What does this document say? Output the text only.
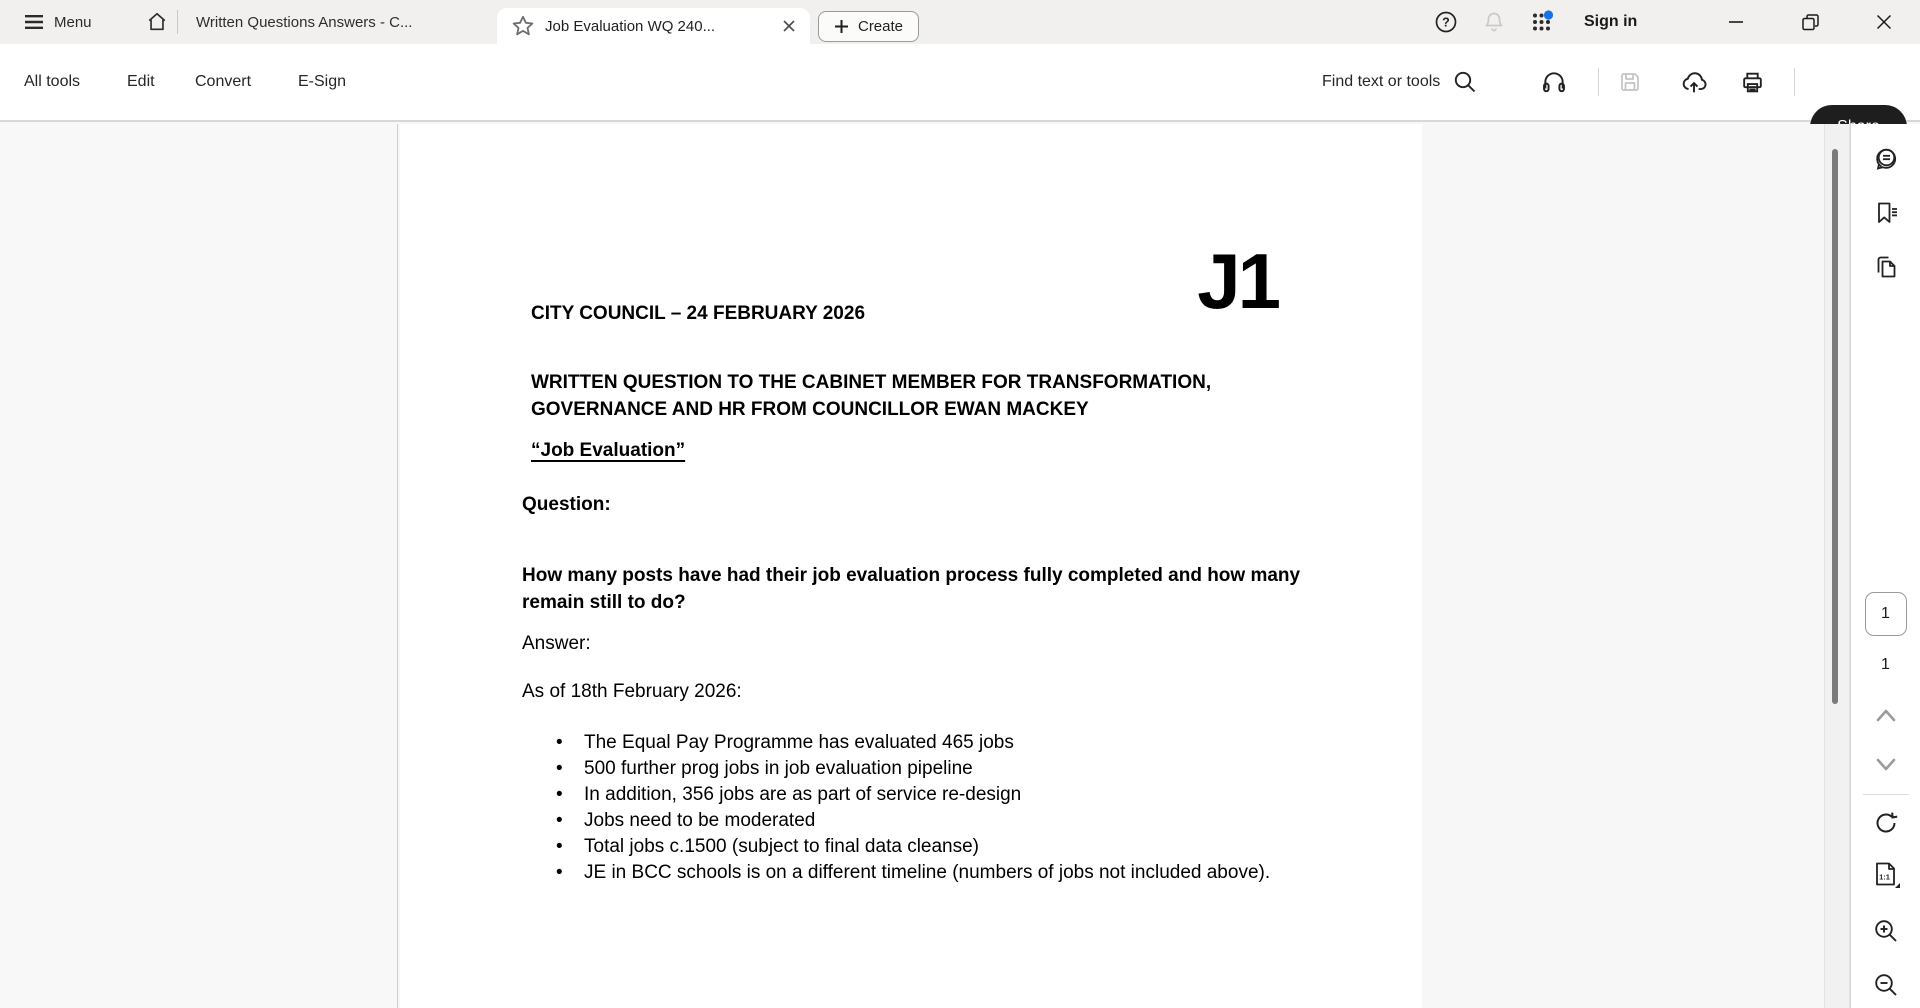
Menu	Written Questions Answers - C...	Job Evaluation WQ 240...	Create	?	Sign in
All tools	Edit	Convert	E-Sign	Find text or tools
J1
CITY COUNCIL – 24 FEBRUARY 2026
WRITTEN QUESTION TO THE CABINET MEMBER FOR TRANSFORMATION, GOVERNANCE AND HR FROM COUNCILLOR EWAN MACKEY
“Job Evaluation”
Question:
How many posts have had their job evaluation process fully completed and how many remain still to do?
Answer:
As of 18th February 2026:
• The Equal Pay Programme has evaluated 465 jobs
• 500 further prog jobs in job evaluation pipeline
• In addition, 356 jobs are as part of service re-design
• Jobs need to be moderated
• Total jobs c.1500 (subject to final data cleanse)
• JE in BCC schools is on a different timeline (numbers of jobs not included above).
1
1
1:1
